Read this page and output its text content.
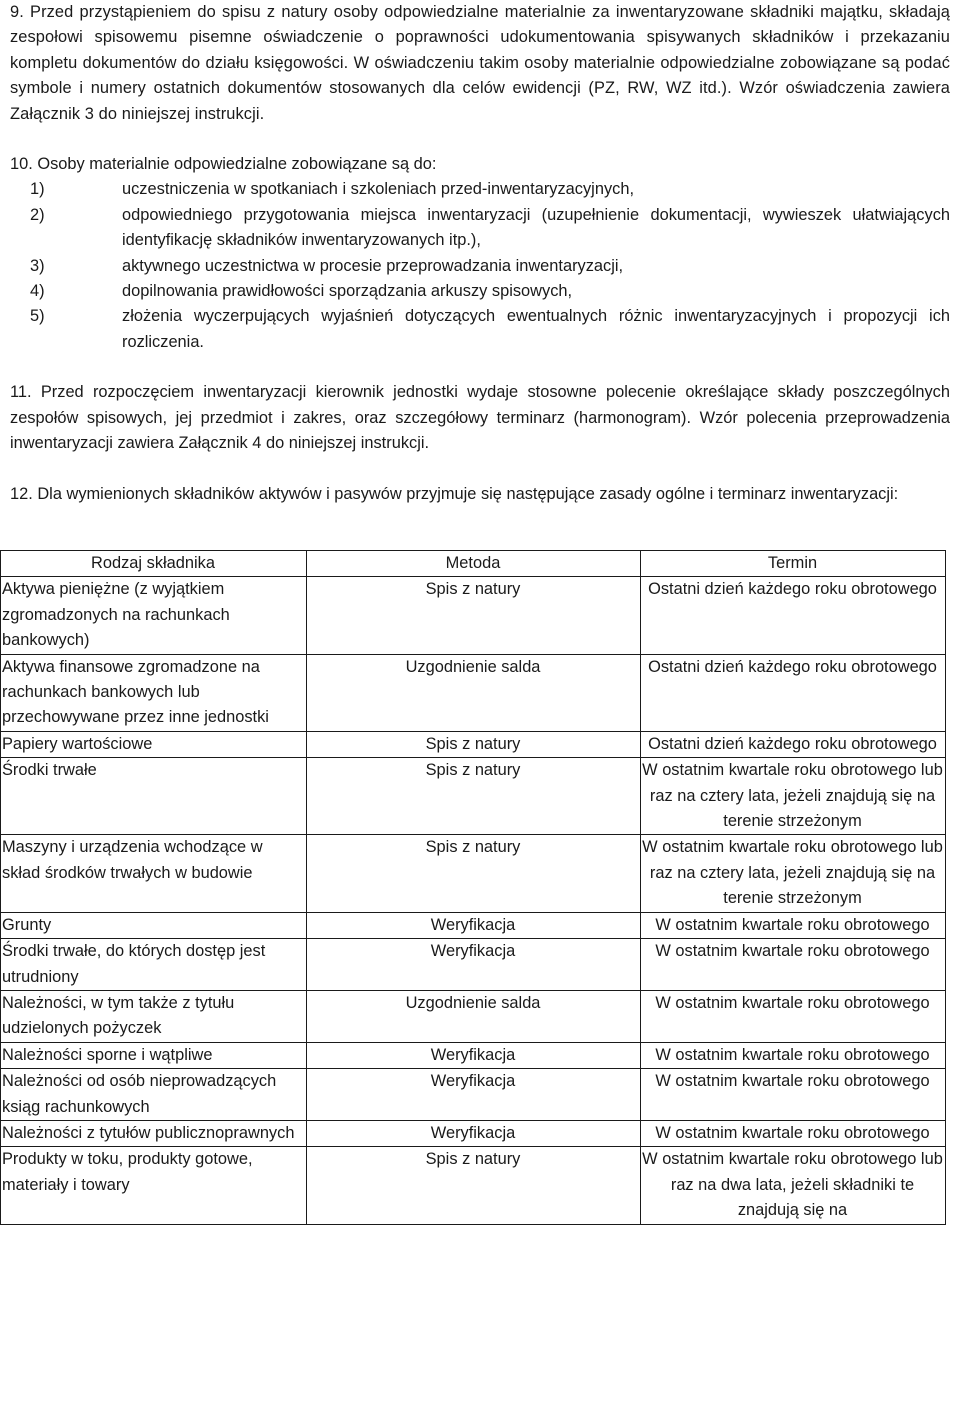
9. Przed przystąpieniem do spisu z natury osoby odpowiedzialne materialnie za inwentaryzowane składniki majątku, składają zespołowi spisowemu pisemne oświadczenie o poprawności udokumentowania spisywanych składników i przekazaniu kompletu dokumentów do działu księgowości. W oświadczeniu takim osoby materialnie odpowiedzialne zobowiązane są podać symbole i numery ostatnich dokumentów stosowanych dla celów ewidencji (PZ, RW, WZ itd.). Wzór oświadczenia zawiera Załącznik 3 do niniejszej instrukcji.

10. Osoby materialnie odpowiedzialne zobowiązane są do:

1)	uczestniczenia w spotkaniach i szkoleniach przed-inwentaryzacyjnych,
2)	odpowiedniego przygotowania miejsca inwentaryzacji (uzupełnienie dokumentacji, wywieszek ułatwiających identyfikację składników inwentaryzowanych itp.),
3)	aktywnego uczestnictwa w procesie przeprowadzania inwentaryzacji,
4)	dopilnowania prawidłowości sporządzania arkuszy spisowych,
5)	złożenia wyczerpujących wyjaśnień dotyczących ewentualnych różnic inwentaryzacyjnych i propozycji ich rozliczenia.

11. Przed rozpoczęciem inwentaryzacji kierownik jednostki wydaje stosowne polecenie określające składy poszczególnych zespołów spisowych, jej przedmiot i zakres, oraz szczegółowy terminarz (harmonogram). Wzór polecenia przeprowadzenia inwentaryzacji zawiera Załącznik 4 do niniejszej instrukcji.

12. Dla wymienionych składników aktywów i pasywów przyjmuje się następujące zasady ogólne i terminarz inwentaryzacji:

Rodzaj składnika	Metoda	Termin
Aktywa pieniężne (z wyjątkiem zgromadzonych na rachunkach bankowych)	Spis z natury	Ostatni dzień każdego roku obrotowego
Aktywa finansowe zgromadzone na rachunkach bankowych lub przechowywane przez inne jednostki	Uzgodnienie salda	Ostatni dzień każdego roku obrotowego
Papiery wartościowe	Spis z natury	Ostatni dzień każdego roku obrotowego
Środki trwałe	Spis z natury	W ostatnim kwartale roku obrotowego lub raz na cztery lata, jeżeli znajdują się na terenie strzeżonym
Maszyny i urządzenia wchodzące w skład środków trwałych w budowie	Spis z natury	W ostatnim kwartale roku obrotowego lub raz na cztery lata, jeżeli znajdują się na terenie strzeżonym
Grunty	Weryfikacja	W ostatnim kwartale roku obrotowego
Środki trwałe, do których dostęp jest utrudniony	Weryfikacja	W ostatnim kwartale roku obrotowego
Należności, w tym także z tytułu udzielonych pożyczek	Uzgodnienie salda	W ostatnim kwartale roku obrotowego
Należności sporne i wątpliwe	Weryfikacja	W ostatnim kwartale roku obrotowego
Należności od osób nieprowadzących ksiąg rachunkowych	Weryfikacja	W ostatnim kwartale roku obrotowego
Należności z tytułów publicznoprawnych	Weryfikacja	W ostatnim kwartale roku obrotowego
Produkty w toku, produkty gotowe, materiały i towary	Spis z natury	W ostatnim kwartale roku obrotowego lub raz na dwa lata, jeżeli składniki te znajdują się na
